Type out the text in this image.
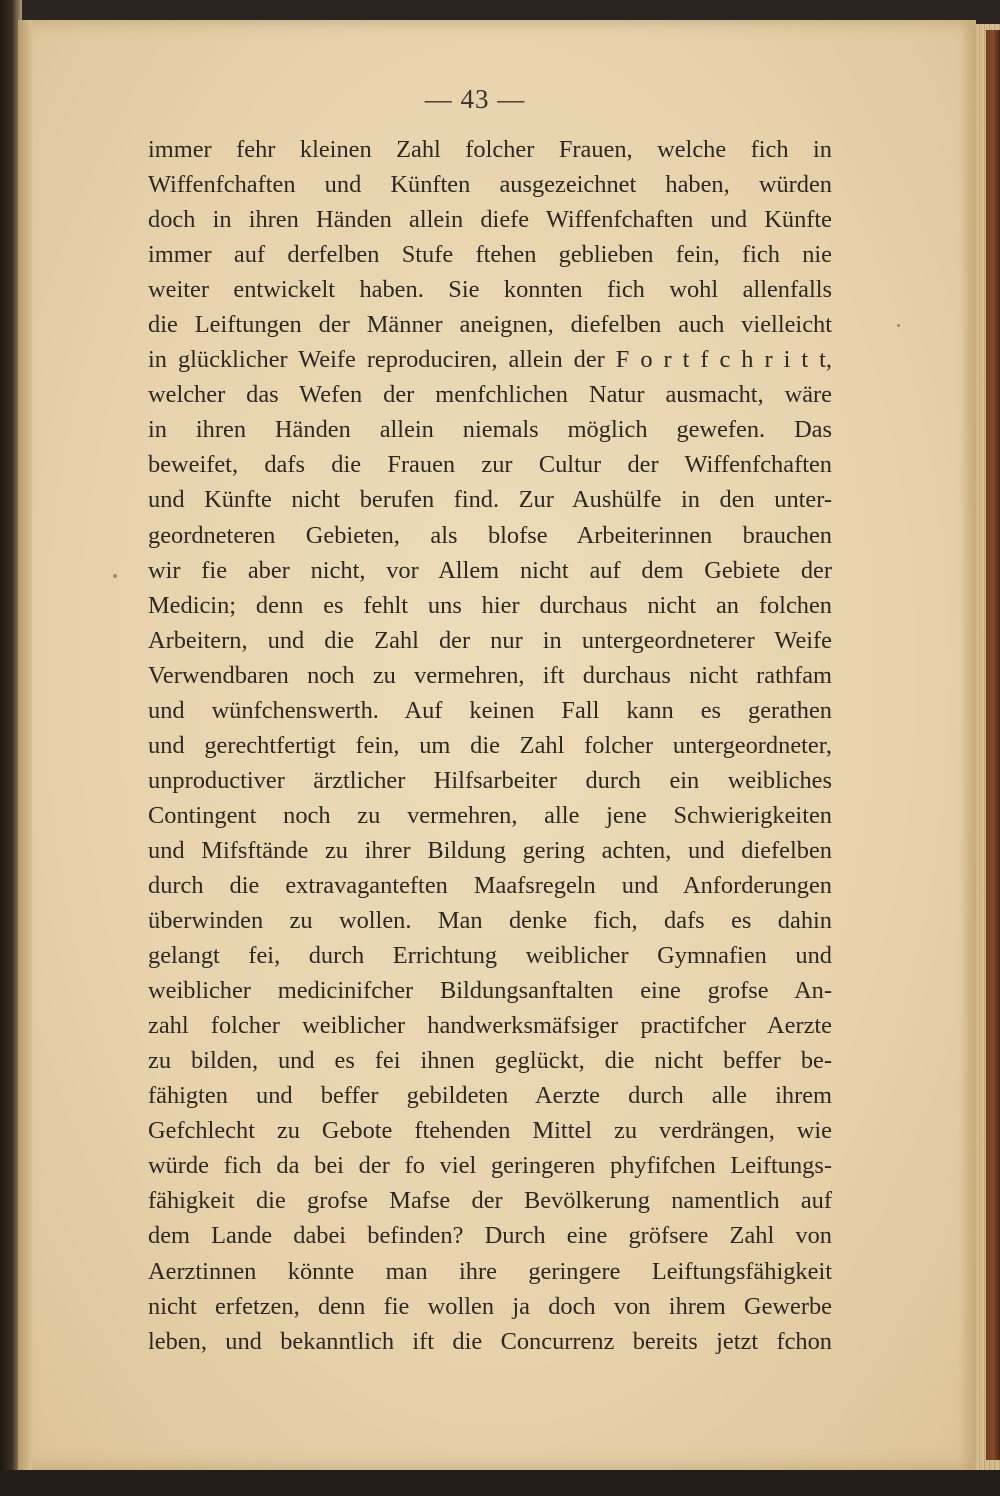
— 43 —
immer fehr kleinen Zahl folcher Frauen, welche fich in
Wiffenfchaften und Künften ausgezeichnet haben, würden
doch in ihren Händen allein diefe Wiffenfchaften und Künfte
immer auf derfelben Stufe ftehen geblieben fein, fich nie
weiter entwickelt haben. Sie konnten fich wohl allenfalls
die Leiftungen der Männer aneignen, diefelben auch vielleicht
in glücklicher Weife reproduciren, allein der F o r t f c h r i t t,
welcher das Wefen der menfchlichen Natur ausmacht, wäre
in ihren Händen allein niemals möglich gewefen. Das
beweifet, dafs die Frauen zur Cultur der Wiffenfchaften
und Künfte nicht berufen find. Zur Aushülfe in den unter-
geordneteren Gebieten, als blofse Arbeiterinnen brauchen
wir fie aber nicht, vor Allem nicht auf dem Gebiete der
Medicin; denn es fehlt uns hier durchaus nicht an folchen
Arbeitern, und die Zahl der nur in untergeordneterer Weife
Verwendbaren noch zu vermehren, ift durchaus nicht rathfam
und wünfchenswerth. Auf keinen Fall kann es gerathen
und gerechtfertigt fein, um die Zahl folcher untergeordneter,
unproductiver ärztlicher Hilfsarbeiter durch ein weibliches
Contingent noch zu vermehren, alle jene Schwierigkeiten
und Mifsftände zu ihrer Bildung gering achten, und diefelben
durch die extravaganteften Maafsregeln und Anforderungen
überwinden zu wollen. Man denke fich, dafs es dahin
gelangt fei, durch Errichtung weiblicher Gymnafien und
weiblicher medicinifcher Bildungsanftalten eine grofse An-
zahl folcher weiblicher handwerksmäfsiger practifcher Aerzte
zu bilden, und es fei ihnen geglückt, die nicht beffer be-
fähigten und beffer gebildeten Aerzte durch alle ihrem
Gefchlecht zu Gebote ftehenden Mittel zu verdrängen, wie
würde fich da bei der fo viel geringeren phyfifchen Leiftungs-
fähigkeit die grofse Mafse der Bevölkerung namentlich auf
dem Lande dabei befinden? Durch eine gröfsere Zahl von
Aerztinnen könnte man ihre geringere Leiftungsfähigkeit
nicht erfetzen, denn fie wollen ja doch von ihrem Gewerbe
leben, und bekanntlich ift die Concurrenz bereits jetzt fchon
